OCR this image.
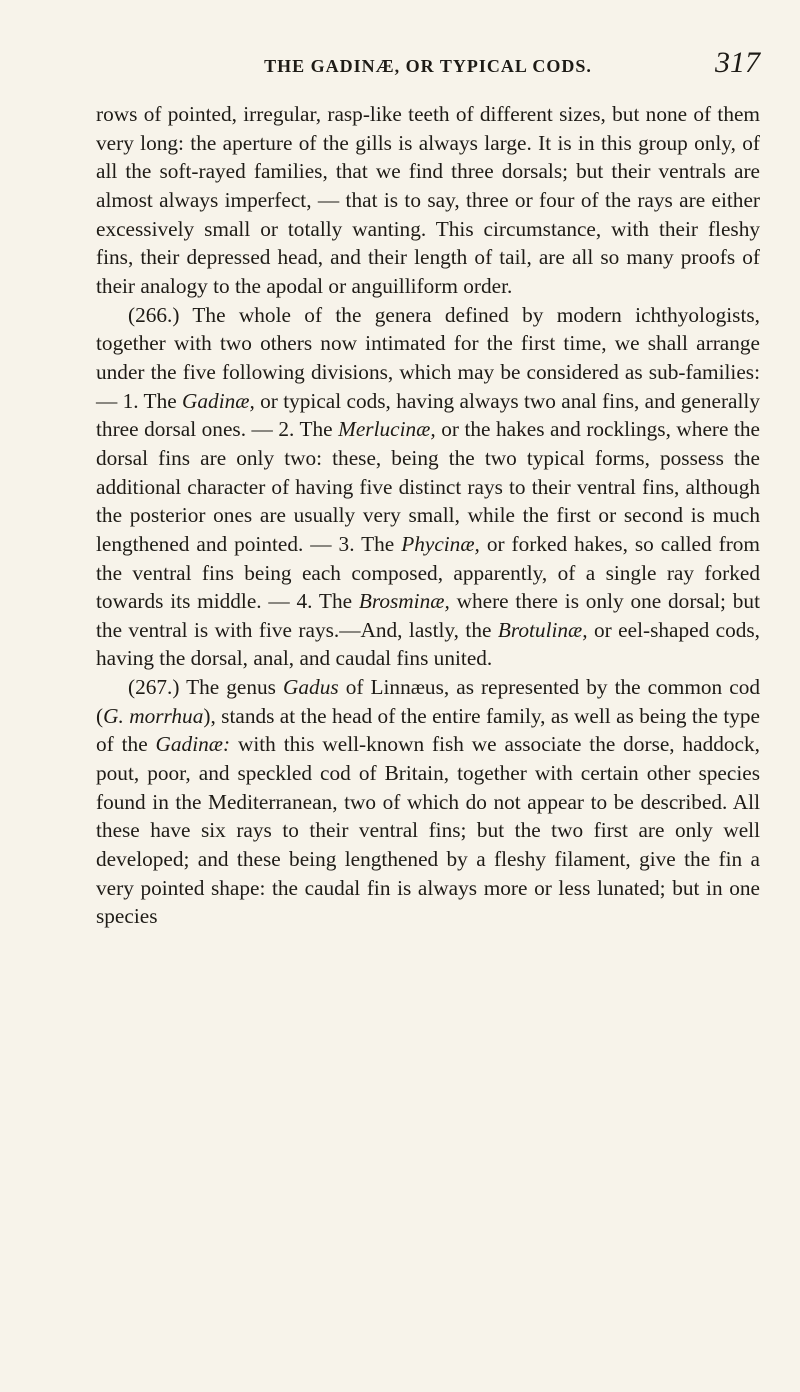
THE GADINÆ, OR TYPICAL CODS.	317

rows of pointed, irregular, rasp-like teeth of different sizes, but none of them very long: the aperture of the gills is always large. It is in this group only, of all the soft-rayed families, that we find three dorsals; but their ventrals are almost always imperfect, — that is to say, three or four of the rays are either excessively small or totally wanting. This circumstance, with their fleshy fins, their depressed head, and their length of tail, are all so many proofs of their analogy to the apodal or anguilliform order.

(266.) The whole of the genera defined by modern ichthyologists, together with two others now intimated for the first time, we shall arrange under the five following divisions, which may be considered as sub-families: — 1. The Gadinæ, or typical cods, having always two anal fins, and generally three dorsal ones. — 2. The Merlucinæ, or the hakes and rocklings, where the dorsal fins are only two: these, being the two typical forms, possess the additional character of having five distinct rays to their ventral fins, although the posterior ones are usually very small, while the first or second is much lengthened and pointed. — 3. The Phycinæ, or forked hakes, so called from the ventral fins being each composed, apparently, of a single ray forked towards its middle. — 4. The Brosminæ, where there is only one dorsal; but the ventral is with five rays.—And, lastly, the Brotulinæ, or eel-shaped cods, having the dorsal, anal, and caudal fins united.

(267.) The genus Gadus of Linnæus, as represented by the common cod (G. morrhua), stands at the head of the entire family, as well as being the type of the Gadinæ: with this well-known fish we associate the dorse, haddock, pout, poor, and speckled cod of Britain, together with certain other species found in the Mediterranean, two of which do not appear to be described. All these have six rays to their ventral fins; but the two first are only well developed; and these being lengthened by a fleshy filament, give the fin a very pointed shape: the caudal fin is always more or less lunated; but in one species
